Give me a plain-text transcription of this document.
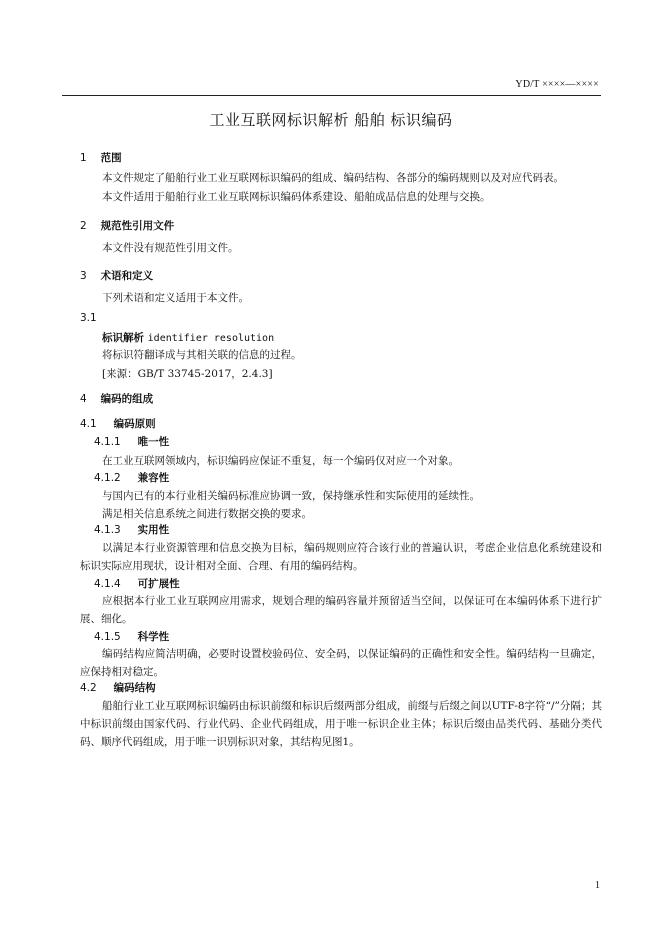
YD/T ××××—××××
工业互联网标识解析 船舶 标识编码
1 范围
本文件规定了船舶行业工业互联网标识编码的组成、编码结构、各部分的编码规则以及对应代码表。
本文件适用于船舶行业工业互联网标识编码体系建设、船舶成品信息的处理与交换。
2 规范性引用文件
本文件没有规范性引用文件。
3 术语和定义
下列术语和定义适用于本文件。
3.1
标识解析 identifier resolution
将标识符翻译成与其相关联的信息的过程。
[来源：GB/T 33745-2017，2.4.3]
4 编码的组成
4.1 编码原则
4.1.1 唯一性
在工业互联网领域内，标识编码应保证不重复，每一个编码仅对应一个对象。
4.1.2 兼容性
与国内已有的本行业相关编码标准应协调一致，保持继承性和实际使用的延续性。
满足相关信息系统之间进行数据交换的要求。
4.1.3 实用性
以满足本行业资源管理和信息交换为目标，编码规则应符合该行业的普遍认识，考虑企业信息化系统建设和标识实际应用现状，设计相对全面、合理、有用的编码结构。
4.1.4 可扩展性
应根据本行业工业互联网应用需求，规划合理的编码容量并预留适当空间，以保证可在本编码体系下进行扩展、细化。
4.1.5 科学性
编码结构应简洁明确，必要时设置校验码位、安全码，以保证编码的正确性和安全性。编码结构一旦确定，应保持相对稳定。
4.2 编码结构
船舶行业工业互联网标识编码由标识前缀和标识后缀两部分组成，前缀与后缀之间以UTF-8字符“/”分隔；其中标识前缀由国家代码、行业代码、企业代码组成，用于唯一标识企业主体；标识后缀由品类代码、基础分类代码、顺序代码组成，用于唯一识别标识对象，其结构见图1。
1
